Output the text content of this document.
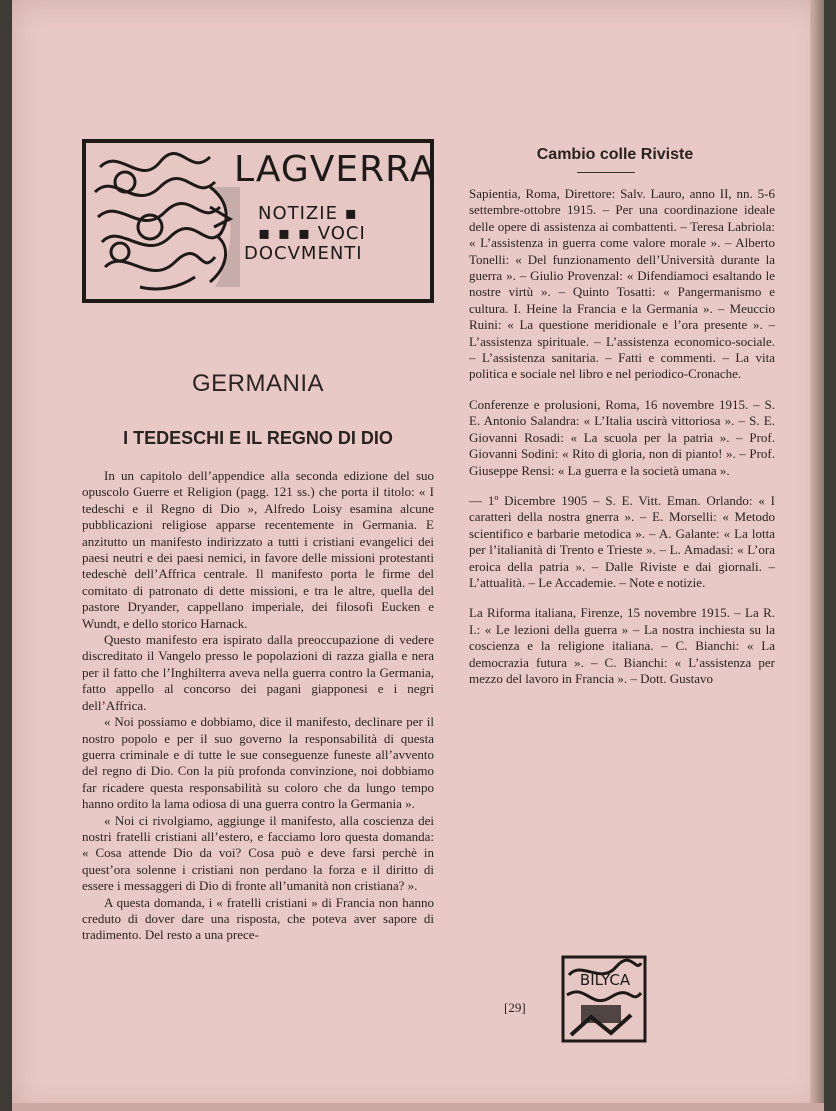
LAGVERRA
NOTIZIE ▪
▪ ▪ ▪ VOCI
DOCVMENTI
GERMANIA
I TEDESCHI E IL REGNO DI DIO

In un capitolo dell’appendice alla seconda edizione del suo opuscolo Guerre et Religion (pagg. 121 ss.) che porta il titolo: « I tedeschi e il Regno di Dio », Alfredo Loisy esamina alcune pubblicazioni religiose apparse recentemente in Germania. E anzitutto un manifesto indirizzato a tutti i cristiani evangelici dei paesi neutri e dei paesi nemici, in favore delle missioni protestanti tedeschè dell’Affrica centrale. Il manifesto porta le firme del comitato di patronato di dette missioni, e tra le altre, quella del pastore Dryander, cappellano imperiale, dei filosofi Eucken e Wundt, e dello storico Harnack.

Questo manifesto era ispirato dalla preoccupazione di vedere discreditato il Vangelo presso le popolazioni di razza gialla e nera per il fatto che l’Inghilterra aveva nella guerra contro la Germania, fatto appello al concorso dei pagani giapponesi e i negri dell’Affrica.

« Noi possiamo e dobbiamo, dice il manifesto, declinare per il nostro popolo e per il suo governo la responsabilità di questa guerra criminale e di tutte le sue conseguenze funeste all’avvento del regno di Dio. Con la più profonda convinzione, noi dobbiamo far ricadere questa responsabilità su coloro che da lungo tempo hanno ordito la lama odiosa di una guerra contro la Germania ».

« Noi ci rivolgiamo, aggiunge il manifesto, alla coscienza dei nostri fratelli cristiani all’estero, e facciamo loro questa domanda: « Cosa attende Dio da voi? Cosa può e deve farsi perchè in quest’ora solenne i cristiani non perdano la forza e il diritto di essere i messaggeri di Dio di fronte all’umanità non cristiana? ».

A questa domanda, i « fratelli cristiani » di Francia non hanno creduto di dover dare una risposta, che poteva aver sapore di tradimento. Del resto a una prece-

Cambio colle Riviste

Sapientia, Roma, Direttore: Salv. Lauro, anno II, nn. 5-6 settembre-ottobre 1915. – Per una coordinazione ideale delle opere di assistenza ai combattenti. – Teresa Labriola: « L’assistenza in guerra come valore morale ». – Alberto Tonelli: « Del funzionamento dell’Università durante la guerra ». – Giulio Provenzal: « Difendiamoci esaltando le nostre virtù ». – Quinto Tosatti: « Pangermanismo e cultura. I. Heine la Francia e la Germania ». – Meuccio Ruini: « La questione meridionale e l’ora presente ». – L’assistenza spirituale. – L’assistenza economico-sociale. – L’assistenza sanitaria. – Fatti e commenti. – La vita politica e sociale nel libro e nel periodico-Cronache.

Conferenze e prolusioni, Roma, 16 novembre 1915. – S. E. Antonio Salandra: « L’Italia uscirà vittoriosa ». – S. E. Giovanni Rosadi: « La scuola per la patria ». – Prof. Giovanni Sodini: « Rito di gloria, non di pianto! ». – Prof. Giuseppe Rensi: « La guerra e la società umana ».

— 1º Dicembre 1905 – S. E. Vitt. Eman. Orlando: « I caratteri della nostra gnerra ». – E. Morselli: « Metodo scientifico e barbarie metodica ». – A. Galante: « La lotta per l’italianità di Trento e Trieste ». – L. Amadasi: « L’ora eroica della patria ». – Dalle Riviste e dai giornali. – L’attualità. – Le Accademie. – Note e notizie.

La Riforma italiana, Firenze, 15 novembre 1915. – La R. I.: « Le lezioni della guerra » – La nostra inchiesta su la coscienza e la religione italiana. – C. Bianchi: « La democrazia futura ». – C. Bianchi: « L’assistenza per mezzo del lavoro in Francia ». – Dott. Gustavo

[29]
BILYCA
